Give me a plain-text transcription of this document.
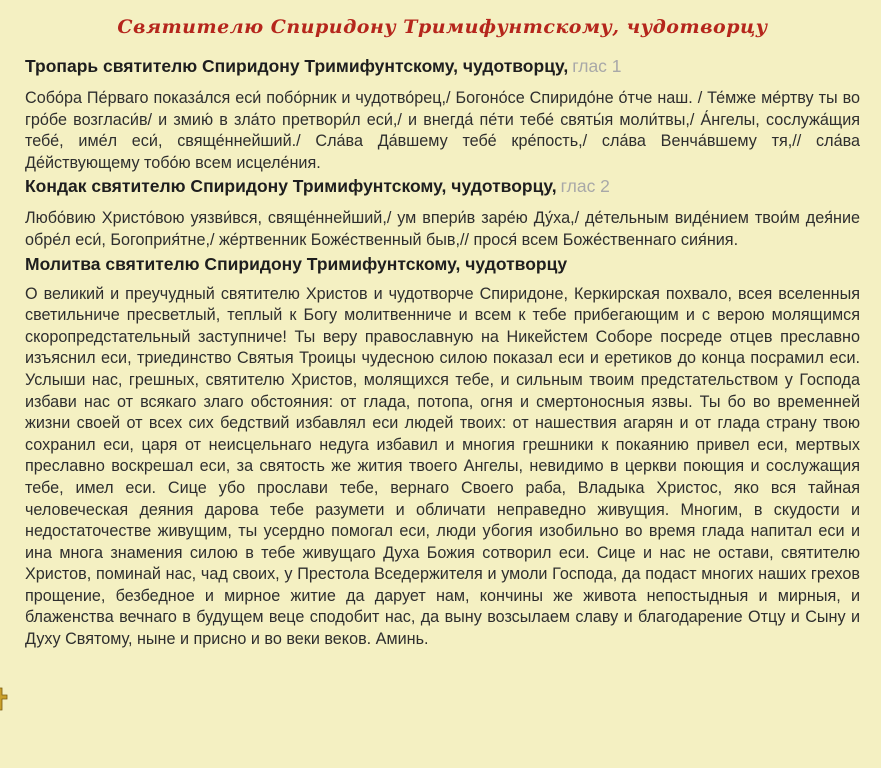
Святителю Спиридону Тримифунтскому, чудотворцу
Тропарь святителю Спиридону Тримифунтскому, чудотворцу, глас 1

Собо́ра Пе́рваго показа́лся еси́ побо́рник и чудотво́рец,/ Богоно́се Спиридо́не о́тче наш. / Те́мже ме́ртву ты во гро́бе возгласи́в/ и змию́ в зла́то претвори́л еси́,/ и внегда́ пе́ти тебе́ святы́я моли́твы,/ А́нгелы, сослужа́щия тебе́, име́л еси́, свяще́ннейший./ Сла́ва Да́вшему тебе́ кре́пость,/ сла́ва Венча́вшему тя,// сла́ва Де́йствующему тобо́ю всем исцеле́ния.

Кондак святителю Спиридону Тримифунтскому, чудотворцу, глас 2

Любо́вию Христо́вою уязви́вся, свяще́ннейший,/ ум впери́в заре́ю Ду́ха,/ де́тельным виде́нием твои́м дея́ние обре́л еси́, Богоприя́тне,/ же́ртвенник Боже́ственный быв,// прося́ всем Боже́ственнаго сия́ния.

Молитва святителю Спиридону Тримифунтскому, чудотворцу

О великий и преучудный святителю Христов и чудотворче Спиридоне, Керкирская похвало, всея вселенныя светильниче пресветлый, теплый к Богу молитвенниче и всем к тебе прибегающим и с верою молящимся скоропредстательный заступниче! Ты веру православную на Никейстем Соборе посреде отцев преславно изъяснил еси, триединство Святыя Троицы чудесною силою показал еси и еретиков до конца посрамил еси. Услыши нас, грешных, святителю Христов, молящихся тебе, и сильным твоим предстательством у Господа избави нас от всякаго злаго обстояния: от глада, потопа, огня и смертоносныя язвы. Ты бо во временней жизни своей от всех сих бедствий избавлял еси людей твоих: от нашествия агарян и от глада страну твою сохранил еси, царя от неисцельнаго недуга избавил и многия грешники к покаянию привел еси, мертвых преславно воскрешал еси, за святость же жития твоего Ангелы, невидимо в церкви поющия и сослужащия тебе, имел еси. Сице убо прослави тебе, вернаго Своего раба, Владыка Христос, яко вся тайная человеческая деяния дарова тебе разумети и обличати неправедно живущия. Многим, в скудости и недостаточестве живущим, ты усердно помогал еси, люди убогия изобильно во время глада напитал еси и ина многа знамения силою в тебе живущаго Духа Божия сотворил еси. Сице и нас не остави, святителю Христов, поминай нас, чад своих, у Престола Вседержителя и умоли Господа, да подаст многих наших грехов прощение, безбедное и мирное житие да дарует нам, кончины же живота непостыдныя и мирныя, и блаженства вечнаго в будущем веце сподобит нас, да выну возсылаем славу и благодарение Отцу и Сыну и Духу Святому, ныне и присно и во веки веков. Аминь.
